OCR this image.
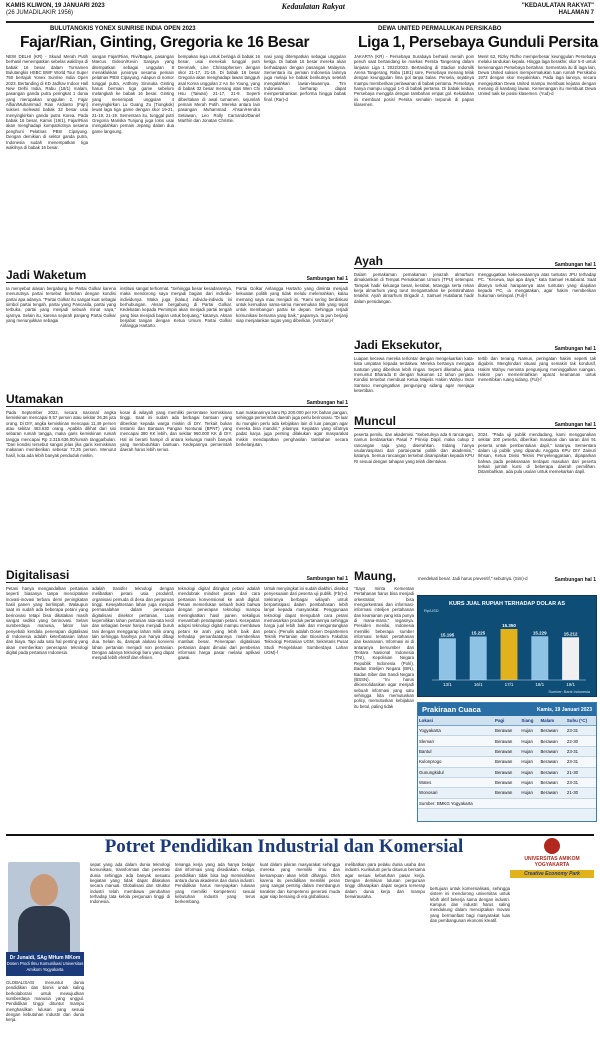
KAMIS KLIWON, 19 JANUARI 2023
(26 JUMADILAKIR 1956)
Kedaulatan Rakyat	"KEDAULATAN RAKYAT"
HALAMAN 7
BULUTANGKIS YONEX SUNRISE INDIA OPEN 2023
Fajar/Rian, Ginting, Gregoria ke 16 Besar
NEW DELHI (KR) - Skuad Merah Putih berhasil menempatkan sebelas wakilnya di babak 16 besar dalam Turnamen Bulutangkis HSBC BWF World Tour Super 750 bertajuk Yonex Sunrise India Open 2023. Bertanding di KD Jadhav Indoor Hall New Delhi India, Rabu (18/1) malam, pasangan ganda putra peringkat 1 dunia yang merupakan unggulan 2, Fajar Alfian/Muhammad Rian Ardianto (Fajri) sukses melewati babak 32 besar usai menyingkirkan ganda putra Korea. Pada babak 16 besar, Kamis (19/1), Fajar/Rian akan menghadapi kompatriotnya sesama penghuni Pelatnas PBSI Cipayung. Dengan demikian di sektor ganda putra, Indonesia sudah menempatkan tiga wakilnya di babak 16 besar.
sangan Fajar/Rian, Rivi/Bagas, pasangan Marcus Gideon/Kevin Sanjaya yang ditempatkan sebagai unggulan 8 menaklukkan junionya sesama pemain pelatnas PBSI Cipayung. Adapun di nomor tunggal putra, Anthony Sinisuka Ginting harus bermain tiga game sebelum melangkah ke babak 16 besar. Ginting yang menempati unggulan 4 menyingkirkan Lu Guang Zu (Tiongkok) lewat laga tiga game dengan skor 19-21, 21-19, 21-19. Sementara itu, tunggal putri Gregoria Mariska Tunjung juga lolos usai mengalahkan pemain Jepang dalam dua game langsung.
bempakan lega untuk berlaga di babak 16 besar, usai menekuk tunggal putri Denmark, Line Christophersen dengan skor 21-17, 21-19. Di babak 16 besar Gregoria akan menghadapi lawan tangguh asal Korea unggulan 2 An Se Young, yang di babak 32 besar menang atas Wen Chi Hsu (Taiwan) 21-17, 21-9. Seperti diberitakan di awal turnamen, sejumlah pemain Merah Putih. Mereka antara lain pasangan Muhammad Ahsan/Hendra Setiawan, Leo Rolly Carnando/Daniel Marthin dan Jonatan Christie.
nasi yang ditempatkan sebagai unggulan ketiga. Di babak 16 besar mereka akan berhadapan dengan pasangan Malaysia. Sementara itu pemain Indonesia lainnya juga melaju ke babak berikutnya setelah mengalahkan lawan-lawannya. Tim Indonesia berharap dapat mempertahankan performa hingga babak final. (Rar)-d
DEWA UNITED PERMALUKAN PERSIKABO
Liga 1, Persebaya Gunduli Persita
JAKARTA (KR) - Persebaya Surabaya berhasil meraih poin penuh saat bertandang ke markas Persita Tangerang dalam lanjutan Liga 1 2022/2023. Bertanding di Stadion Indomilk Arena Tangerang, Rabu (18/1) sore, Persebaya menang telak dengan keunggulan lima gol tanpa balas. Persela, sejatinya mampu memberikan perlawanan di babak pertama. Persebaya hanya mampu unggul 1-0 di babak pertama. Di babak kedua, Persebaya menggila dengan tambahan empat gol. Kekalahan ini membuat posisi Persita semakin terpuruk di papan klasemen.
Menit 63, Rizky Ridho memperbesar keunggulan Persebaya melalui tandukan kepala. Hingga laga berakhir, skor 5-0 untuk kemenangan Persebaya bertahan. Sementara itu di laga lain, Dewa United sukses mempermalukan tuan rumah Persikabo 1973 dengan skor meyakinkan. Pada laga lainnya, secara mengejutkan Dewa United mampu membuat kejutan dengan menang di kandang lawan. Kemenangan itu membuat Dewa United naik ke posisi klasemen. (Yud)-d
Ayah	Sambungan hal 1
Dalam pemakaman pemakaman jenazah almarhum dimakamkan di Tempat Pemakaman Umum (TPU) setempat. Tampak hadir keluarga besar, kerabat, tetangga serta rekan kerja almarhum yang turut mengantarkan ke peristirahatan terakhir. Ayah almarhum Brigadir J, Samuel Hutabarat hadir dalam persidangan.
menggugatkan kekecewaannya atas tuntutan JPU terhadap PC. "Kecewa, tapi apa daya," kata Samuel Hutabarat. Saat ditanya terkait harapannya atas tuntutan yang diajukan kepada PC, ia mengatakan, agar hakim memberikan hukuman setimpal. (Ful)-f
Jadi Waketum	Sambungan hal 1
Ia menyebut alasan bergabung ke Partai Golkar karena menurutnya partai tersebut bertahan dengan kondisi partai apa adanya. "Partai Golkar itu sangat kuat sebagai simbol partai tengah, partai yang Pancasila, partai yang terbuka, partai yang menjadi sebuah minat saya," ujarnya. Selain itu, karena sejarah panjang Partai Golkar yang menunjukkan sebagai
institusi sangat terhormat. "Sehingga besar kesadarannya, maka mendorong saya menjadi bagian dari individu-individunya. Maka juga (kalau) individu-individu ini berhubungan. Aksan bergabung di Partai Golkar. Kedekatan kepada Pemimpin akan menjadi partai tengah yang bisa menjadi bagian untuk berjuang," katanya. Aksan berjabat tangan dengan Ketua Umum Partai Golkar Airlangga Hartarto.
Partai Golkar Airlangga Hartarto yang diminta menjadi kekuatan politik yang tidak melulu melemahkan, kalau memang saya mau menjadi ini. "Kami sering berdiskusi untuk kemudian sama-sama menemukan titik yang tepat untuk membangun partai ke depan. Sehingga terjadi komunikasi bersama yang baik," paparnya. Ia pun berjanji siap menjalankan tugas yang diberikan. (Ant/San)-f
Jadi Eksekutor,	Sambungan hal 1
Luapan kecewa mereka terlontar dengan mengeluarkan kata-kata umpatan kepada terdakwa. Mereka bertanya mengapa tuntutan yang diberikan lebih ringan. Seperti diketahui, jaksa menuntut Bharada E dengan hukuman 12 tahun penjara. Kondisi tersebut membuat Ketua Majelis Hakim Wahyu Iman Santoso mengingatkan pengunjung sidang agar menjaga ketertiban.
tertib dan tenang. Namun, peringatan hakim seperti tak digubris. Menghindari situasi yang semakin tak kondusif, Hakim Wahyu meminta pengunjung meninggalkan ruangan. Hakim pun memerintahkan aparat keamanan untuk menertibkan ruang sidang. (Ful)-f
Utamakan	Sambungan hal 1
Pada September 2022, secara nasional angka kemiskinan mencapai 9,57 persen atau sekitar 26,36 juta orang. Di DIY, angka kemiskinan mencapai 11,49 persen atau sekitar 463.630 orang. Apabila dilihat dari sisi sebaran rumah tangga, maka garis kemiskinan rumah tangga mencapai Rp 2.315.636,00/rumah tangga/bulan. "Dari kondisi tersebut sangat jelas jika garis kemiskinan makanan memberikan sebesar 72,25 persen. Menurut hasil, kota ada lebih banyak penduduk miskin.
kosai di wilayah yang memiliki persentase kemiskinan tinggi. Saat ini sudah ada berbagai bantuan yang diberikan kepada warga miskin di DIY. Terkait bukan instansi dan Bantuan Pangan Nontunai (BPNT) yang mencapai 380 KK lebih, dan sekitar 960.000 KK di DIY. Hal ini berarti hampir di antara keluarga masih banyak yang membutuhkan bantuan. Kedepannya pemerintah daerah harus lebih serius.
tuan makanannya baru Rp 200.000 per KK bahan pangan, sehingga pemerintah daerah juga perlu berinovasi. "Di luar itu mungkin perlu ada kebijakan lain di luar pangan agar mereka bisa mandiri," jelasnya. Kegiatan yang sifatnya padat karya juga penting dilakukan agar masyarakat miskin mendapatkan penghasilan tambahan secara berkelanjutan.
peserta pemilu, dan akademisi. "Sebetulnya ada 6 rancangan, namun berdasarkan Pasal 7 Prinsip Dapil, maka cukup 2 rancangan saja yang diserahkan. Sidang hanya usulan/aspirasi dari partai-partai politik dan akademisi," katanya. Semua rancangan tersebut disampaikan kepada KPU RI sesuai dengan tahapan yang telah ditentukan.
Muncul	Sambungan hal 1
2024. "Pada uji publik mendadang, kami menggunakan sekitar 100 peserta, diberikan masukan dan saran dari 91 peserta untuk pembentukan dapil," katanya. Sementara dalam uji publik yang dipandu Anggota KPU DIY Zainuri Ikhsan, Ketua Divisi Teknis Penyelenggaraan, dipaparkan bahwa pada pelaksanaan terdapat masukan dari peserta terkait jumlah kursi di beberapa daerah pemilihan. Ditambahkan, ada pula usulan untuk memekarkan dapil.
Digitalisasi	Sambungan hal 1
Petani hanya mengandalkan pertanian seperti biasanya tanpa menciptakan inovasi-inovasi terbaru demi peningkatan hasil panen yang berlimpah. Walaupun saat ini sudah ada beberapa petani yang berinovasi tetapi bisa dikatakan masih sangat sedikit yang berinovasi. Selain sumberdaya manusia, faktor lain penyebab kendala penerapan digitalisasi di Indonesia adalah keterbatasan lahan dan biaya. Tapi ada satu hal penting yang akan memberikan penerapan teknologi digital pada pertanian Indonesia.
adalah transfer teknologi dengan melibatkan petani usia produktif, organisasi pemuda di desa dan perguruan tinggi. Kesejahteraan lahan juga menjadi permasalahan dalam penerapan digitalisasi disektor pertanian. Luas kepemilikan lahan pertanian rata-rata kecil dan sebagian besar hanya menjadi buruh tani dengan menggarap lahan milik orang lain sehingga hasilnya pun hanya dibagi dua. Selain itu, dampak alokasi konversi lahan pertanian menjadi non pertanian. Dengan adanya teknologi baru yang dapat menjadi lebih efektif dan efisien.
teknologi digital ditingkat petani adalah mendobrak mindset petani dari cara pertanian konvensional ke arah digital. Petani memerlukan sebuah bukti bahwa dengan penerapan teknologi mampu meningkatkan hasil panen sekaligus menambah pendapatan petani. Kecepatan adopsi teknologi digital mampu membawa petani ke arah yang lebih baik dan terhadap pemanfaatannya memberikan manfaat besar. Penerapan digitalisasi pertanian dapat dimulai dari pemberian informasi harga pasar melalui aplikasi gawai.
Untuk menyingkat ini sudah diakhiri, disebut penyesuaian dari peserta uji publik. (Fbr)-d. Sekiranya berbagai wilayah untuk berpartisipasi dalam pembahasan lebih lanjut kepada masyarakat. Penggunaan teknologi dapat mengubah cara petani memasarkan produk pertaniannya sehingga harga jual lebih baik dan menguntungkan petani. (Penulis adalah Dosen Departemen Teknik Pertanian dan Biosistem Fakultas Teknologi Pertanian UGM, Sekretaris Pusat Studi Pengelolaan Sumberdaya Lahan UGM)-f
Maung,	Sambungan hal 1
"Saya minta Kementan Pertahanan harus bisa menjadi orkestrator, bisa mengorkestrasi dan informasi-informasi intelijen pertahanan dan keamanan yang kita punya di mana-mana," tegasnya. Presiden menilai, Indonesia memiliki beberapa sumber informasi terkait pertahanan dan keamanan. Informasi ini di antaranya bersumber dari Tentara Nasional Indonesia (TNI), Kepolisian Negara Republik Indonesia (Polri), Badan Intelijen Negara (BIN), Badan Siber dan Sandi Negara (BSSN). "Ini harus dikonsolidasikan agar menjadi sebuah informasi yang satu sehingga kita memutuskan policy, memutuskan kebijakan itu betul, paling tidak
mendekati benar. Jadi harus preventif," sebutnya. (Sim)-d
KURS JUAL RUPIAH TERHADAP DOLAR AS
Rp/USD
Sumber: Bank Indonesia
15.195
13/1
15.225
16/1
15.350
17/1
15.229
18/1
15.212
19/1
Prakiraan Cuaca	Kamis, 19 Januari 2023
Lokasi	Pagi	Siang	Malam	Suhu (°C)
Yogyakarta	Berawan	Hujan	Berawan	23-31
Sleman	Berawan	Hujan	Berawan	22-30
Bantul	Berawan	Hujan	Berawan	23-31
Kulonprogo	Berawan	Hujan	Berawan	23-31
Gunungkidul	Berawan	Hujan	Berawan	21-30
Wates	Berawan	Hujan	Berawan	23-31
Wonosari	Berawan	Hujan	Berawan	21-30
Sumber: BMKG Yogyakarta				
Potret Pendidikan Industrial dan Komersial
UNIVERSITAS AMIKOM YOGYAKARTA
Creative Economy Park
Dr Junaidi, SAg MHum MKom
Dosen Prodi Ilmu Komunikasi Universitas Amikom Yogyakarta
GLOBALISASI menuntut dunia pendidikan dan bisnis untuk saling berkolaborasi untuk mewujudkan sumberdaya manusia yang unggul. Pendidikan tinggi dituntut mampu menghasilkan lulusan yang sesuai dengan kebutuhan industri dan dunia kerja.
sepat yang ada dalam dunia teknologi komunikasi, transformasi dan penetrasi dunia sehingga ada banyak sesuatu kegiatan yang tidak dapat dilakukan secara manual. Globalisasi dan struktur industri telah membawa perubahan terhadap tata kelola perguruan tinggi di Indonesia.
tenanga kerja yang ada hanya belajar dari informasi yang disediakan. Ketiga, pendidikan tidak bisa lagi memisahkan antara dunia akademis dan dunia industri. Pendidikan harus menyiapkan lulusan yang memiliki kompetensi sesuai kebutuhan industri yang terus berkembang.
kuat dalam pikiran masyarakat sehingga mereka yang memiliki ilmu dan kemampuan akan lebih dihargai. Oleh karena itu pendidikan memiliki peran yang sangat penting dalam membangun karakter dan kompetensi generasi muda agar siap bersaing di era globalisasi.
melibatkan para pelaku dunia usaha dan industri. Kurikulum perlu disusun bersama agar sesuai kebutuhan pasar kerja. Dengan demikian lulusan perguruan tinggi diharapkan dapat segera terserap dalam dunia kerja dan mampu berwirausaha.
bertujuan untuk komersialisasi, sehingga sistem ini mendorong universitas untuk lebih aktif bekerja sama dengan industri. Kampus dan industri harus saling mendukung dalam menciptakan inovasi yang bermanfaat bagi masyarakat luas dan pembangunan ekonomi kreatif.
